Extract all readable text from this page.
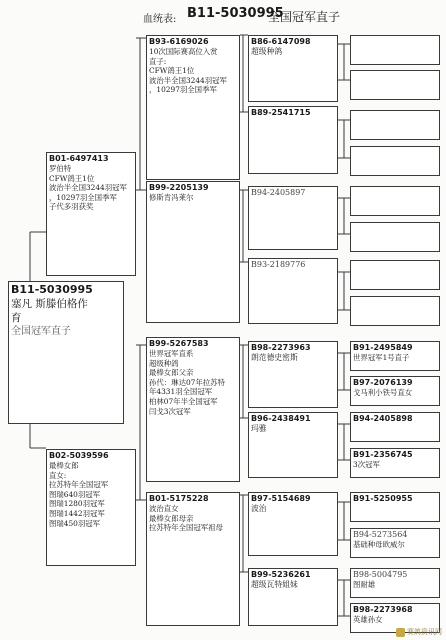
血统表: B11-5030995
全国冠军直子
B11-5030995
塞凡 斯滕伯格作
育
全国冠军直子
B01-6497413
罗伯特
CFW鸽王1位
波治半全国3244羽冠军
，10297羽全国季军
子代多羽获奖
B02-5039596
最棒女郎
直女:
拉苏特年全国冠军
图瑞640羽冠军
图瑞1280羽冠军
图瑞1442羽冠军
图瑞450羽冠军
B93-6169026
10次国际赛高位入赏
直子:
CFW鸽王1位
波治半全国3244羽冠军
，10297羽全国季军
B99-2205139
修斯肯冯莱尔
B99-5267583
世界冠军直系
超级种鸽
最棒女郎父亲
孙代：琳达07年拉苏特
年4331羽全国冠军
柏林07年半全国冠军
闫戈3次冠军
B01-5175228
波治直女
最棒女郎母亲
拉苏特年全国冠军祖母
B86-6147098
超级种鸽
B89-2541715
B94-2405897
B93-2189776
B98-2273963
朗范德史密斯
B96-2438491
玛雅
B97-5154689
波治
B99-5236261
超级瓦特姐妹
B91-2495849
世界冠军1号直子
B97-2076139
戈马利小铁号直女
B94-2405898
B91-2356745
3次冠军
B91-5250955
B94-5273564
基础种母欧威尔
B98-5004795
图耐雄
B98-2273968
英雄孙女
赛鸽资讯网
